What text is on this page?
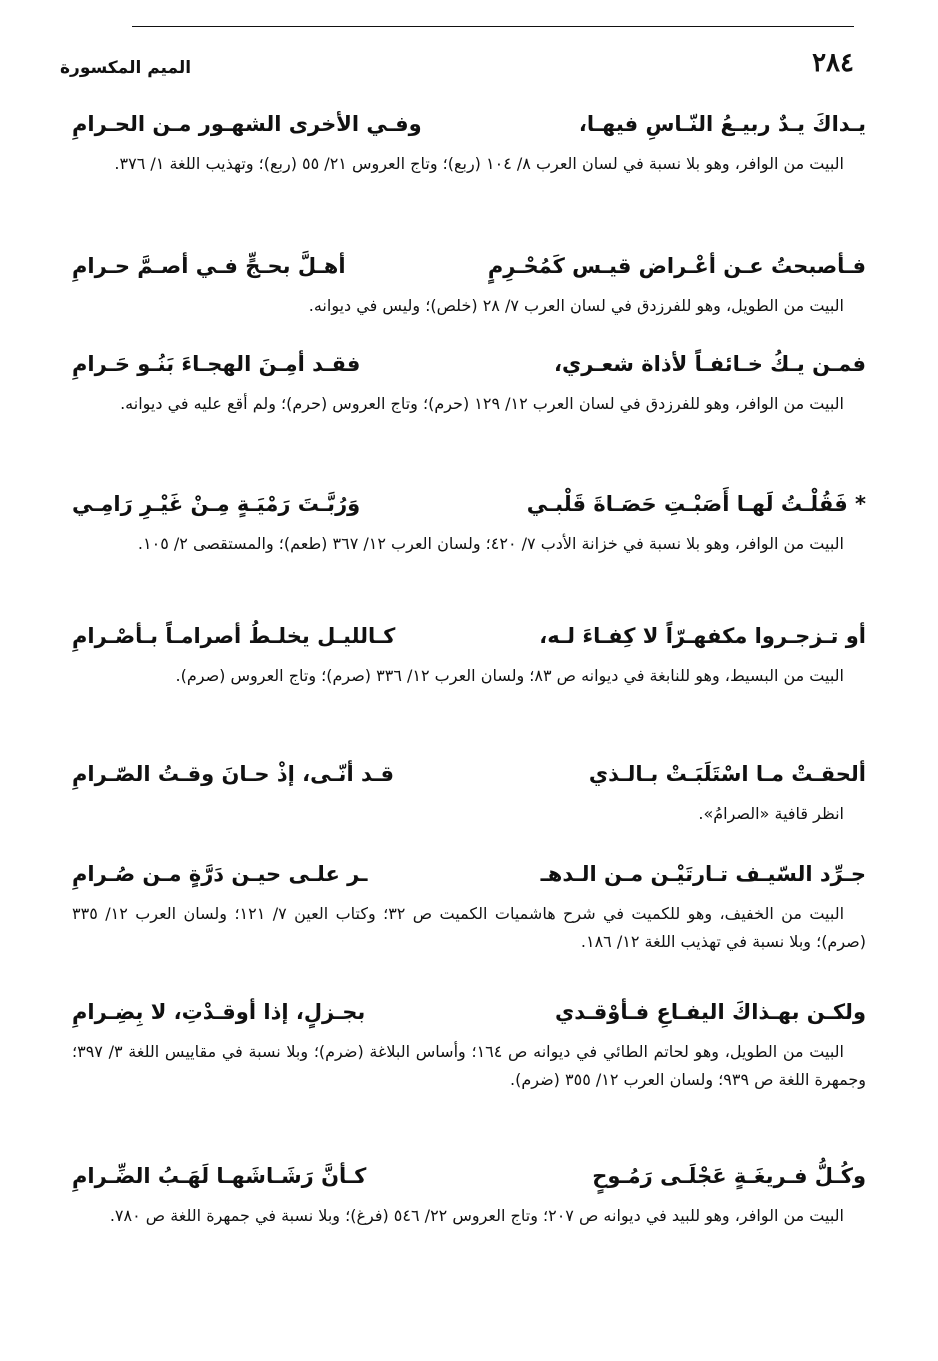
٢٨٤
الميم المكسورة
يـداكَ يـدٌ ربيـعُ النّـاسِ فيهـا،
وفـي الأخرى الشهـور مـن الحـرامِ
البيت من الوافر، وهو بلا نسبة في لسان العرب ٨/ ١٠٤ (ربع)؛ وتاج العروس ٢١/ ٥٥ (ربع)؛ وتهذيب اللغة ١/ ٣٧٦.
فـأصبحتُ عـن أعْـراض قيـس كَمُحْـرِمٍ
أهـلَّ بحـجٍّ فـي أصـمَّ حـرامِ
البيت من الطويل، وهو للفرزدق في لسان العرب ٧/ ٢٨ (خلص)؛ وليس في ديوانه.
فمـن يـكُ خـائفـاً لأذاة شعـري،
فقـد أمِـنَ الهجـاءَ بَنُـو حَـرامِ
البيت من الوافر، وهو للفرزدق في لسان العرب ١٢/ ١٢٩ (حرم)؛ وتاج العروس (حرم)؛ ولم أقع عليه في ديوانه.
* فَقُلْـتُ لَهـا أَصَبْـتِ حَصَـاةَ قَلْبـي
وَرُبَّـتَ رَمْيَـةٍ مِـنْ غَيْـرِ رَامِـي
البيت من الوافر، وهو بلا نسبة في خزانة الأدب ٧/ ٤٢٠؛ ولسان العرب ١٢/ ٣٦٧ (طعم)؛ والمستقصى ٢/ ١٠٥.
أو تـزجـروا مكفهـرّاً لا كِفـاءَ لـه،
كـالليـل يخلـطُ أصرامـاً بـأصْـرامِ
البيت من البسيط، وهو للنابغة في ديوانه ص ٨٣؛ ولسان العرب ١٢/ ٣٣٦ (صرم)؛ وتاج العروس (صرم).
ألحقـتْ مـا اسْتَلَبَـتْ بـالـذي
قـد أنّـى، إذْ حـانَ وقـتُ الصّـرامِ
انظر قافية «الصرامُ».
جـرِّد السّيـف تـارتَيْـن مـن الـدهـ
ـر علـى حيـن دَرَّةٍ مـن صُـرامِ
البيت من الخفيف، وهو للكميت في شرح هاشميات الكميت ص ٣٢؛ وكتاب العين ٧/ ١٢١؛ ولسان العرب ١٢/ ٣٣٥ (صرم)؛ وبلا نسبة في تهذيب اللغة ١٢/ ١٨٦.
ولكـن بهـذاكَ اليفـاعِ فـأوْقـدي
بجـزلٍ، إذا أوقـدْتِ، لا بِضِـرامِ
البيت من الطويل، وهو لحاتم الطائي في ديوانه ص ١٦٤؛ وأساس البلاغة (ضرم)؛ وبلا نسبة في مقاييس اللغة ٣/ ٣٩٧؛ وجمهرة اللغة ص ٩٣٩؛ ولسان العرب ١٢/ ٣٥٥ (ضرم).
وكُـلُّ فـريغَـةٍ عَجْلَـى رَمُـوحٍ
كـأنَّ رَشَـاشَهـا لَهَـبُ الضِّـرامِ
البيت من الوافر، وهو للبيد في ديوانه ص ٢٠٧؛ وتاج العروس ٢٢/ ٥٤٦ (فرغ)؛ وبلا نسبة في جمهرة اللغة ص ٧٨٠.
